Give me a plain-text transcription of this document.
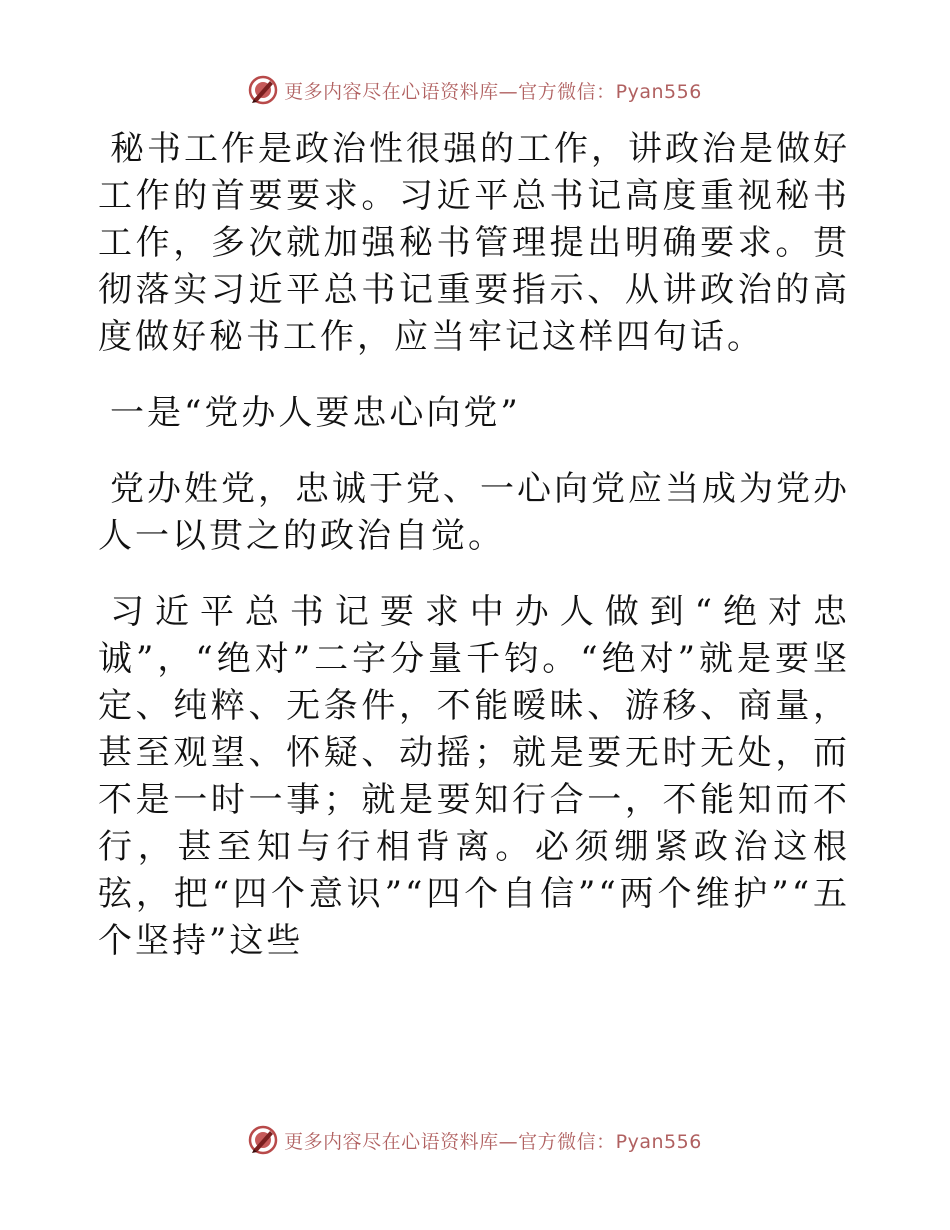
更多内容尽在心语资料库—官方微信：Pyan556

秘书工作是政治性很强的工作，讲政治是做好工作的首要要求。习近平总书记高度重视秘书工作，多次就加强秘书管理提出明确要求。贯彻落实习近平总书记重要指示、从讲政治的高度做好秘书工作，应当牢记这样四句话。

一是“党办人要忠心向党”

党办姓党，忠诚于党、一心向党应当成为党办人一以贯之的政治自觉。

习近平总书记要求中办人做到“绝对忠诚”，“绝对”二字分量千钧。“绝对”就是要坚定、纯粹、无条件，不能暧昧、游移、商量，甚至观望、怀疑、动摇；就是要无时无处，而不是一时一事；就是要知行合一，不能知而不行，甚至知与行相背离。必须绷紧政治这根弦，把“四个意识”“四个自信”“两个维护”“五个坚持”这些

更多内容尽在心语资料库—官方微信：Pyan556
